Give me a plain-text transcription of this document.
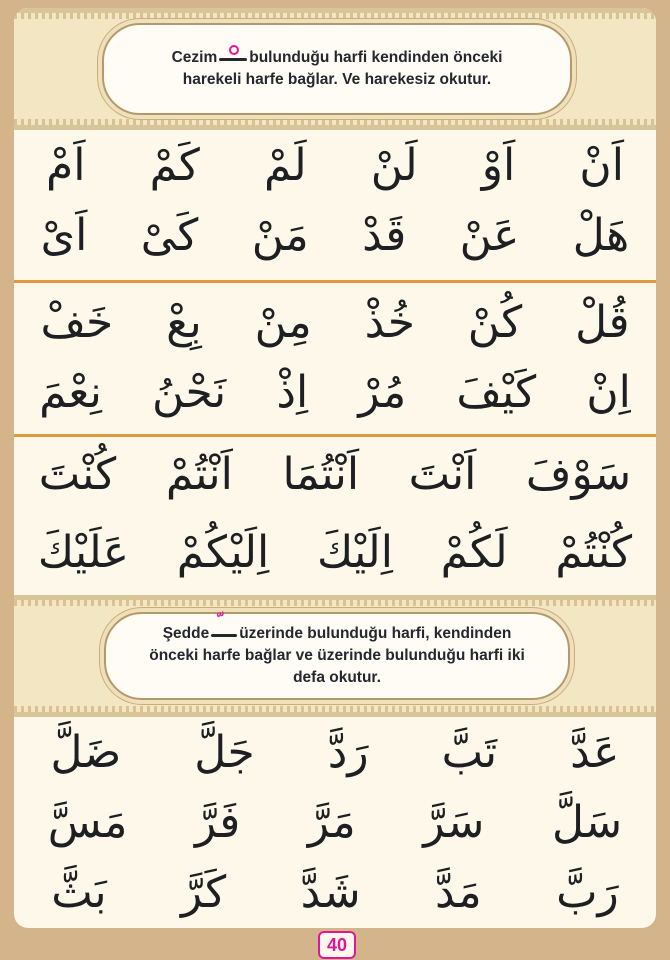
Cezim bulunduğu harfi kendinden önceki harekeli harfe bağlar. Ve harekesiz okutur.
اَنْ
اَوْ
لَنْ
لَمْ
كَمْ
اَمْ
هَلْ
عَنْ
قَدْ
مَنْ
كَىْ
اَىْ
قُلْ
كُنْ
خُذْ
مِنْ
بِعْ
خَفْ
اِنْ
كَيْفَ
مُرْ
اِذْ
نَحْنُ
نِعْمَ
سَوْفَ
اَنْتَ
اَنْتُمَا
اَنْتُمْ
كُنْتَ
كُنْتُمْ
لَكُمْ
اِلَيْكَ
اِلَيْكُمْ
عَلَيْكَ
Şeddeّ üzerinde bulunduğu harfi, kendinden önceki harfe bağlar ve üzerinde bulunduğu harfi iki defa okutur.
عَدَّ
تَبَّ
رَدَّ
جَلَّ
ضَلَّ
سَلَّ
سَرَّ
مَرَّ
فَرَّ
مَسَّ
رَبَّ
مَدَّ
شَدَّ
كَرَّ
بَثَّ
40
